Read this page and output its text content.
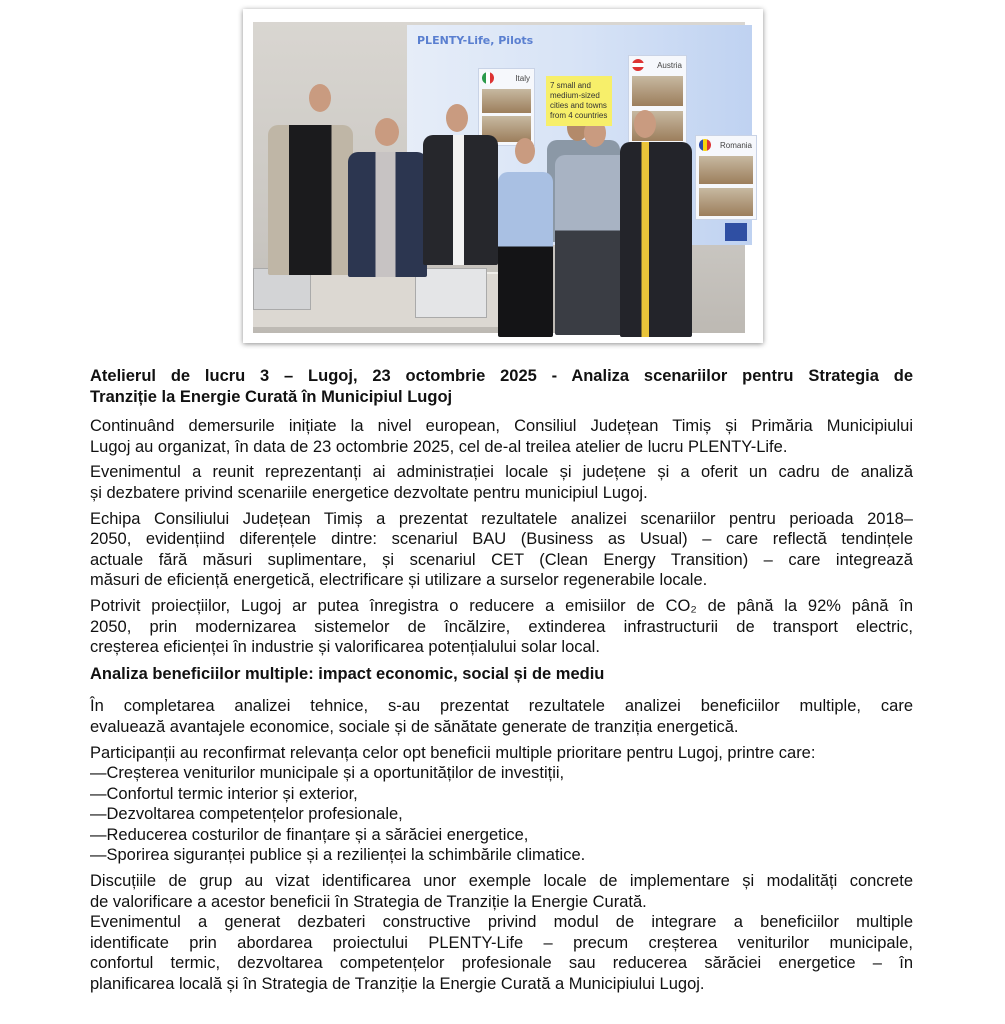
PLENTY-Life, Pilots
Italy
Austria
Romania
7 small and medium-sized cities and towns from 4 countries
Atelierul de lucru 3 – Lugoj, 23 octombrie 2025 - Analiza scenariilor pentru Strategia de
Tranziție la Energie Curată în Municipiul Lugoj
Continuând demersurile inițiate la nivel european, Consiliul Județean Timiș și Primăria Municipiului
Lugoj au organizat, în data de 23 octombrie 2025, cel de-al treilea atelier de lucru PLENTY-Life.
Evenimentul a reunit reprezentanți ai administrației locale și județene și a oferit un cadru de analiză
și dezbatere privind scenariile energetice dezvoltate pentru municipiul Lugoj.
Echipa Consiliului Județean Timiș a prezentat rezultatele analizei scenariilor pentru perioada 2018–
2050, evidențiind diferențele dintre: scenariul BAU (Business as Usual) – care reflectă tendințele
actuale fără măsuri suplimentare, și scenariul CET (Clean Energy Transition) – care integrează
măsuri de eficiență energetică, electrificare și utilizare a surselor regenerabile locale.
Potrivit proiecțiilor, Lugoj ar putea înregistra o reducere a emisiilor de CO₂ de până la 92% până în
2050, prin modernizarea sistemelor de încălzire, extinderea infrastructurii de transport electric,
creșterea eficienței în industrie și valorificarea potențialului solar local.
Analiza beneficiilor multiple: impact economic, social și de mediu
În completarea analizei tehnice, s-au prezentat rezultatele analizei beneficiilor multiple, care
evaluează avantajele economice, sociale și de sănătate generate de tranziția energetică.
Participanții au reconfirmat relevanța celor opt beneficii multiple prioritare pentru Lugoj, printre care:
—Creșterea veniturilor municipale și a oportunităților de investiții,
—Confortul termic interior și exterior,
—Dezvoltarea competențelor profesionale,
—Reducerea costurilor de finanțare și a sărăciei energetice,
—Sporirea siguranței publice și a rezilienței la schimbările climatice.
Discuțiile de grup au vizat identificarea unor exemple locale de implementare și modalități concrete
de valorificare a acestor beneficii în Strategia de Tranziție la Energie Curată.
Evenimentul a generat dezbateri constructive privind modul de integrare a beneficiilor multiple
identificate prin abordarea proiectului PLENTY-Life – precum creșterea veniturilor municipale,
confortul termic, dezvoltarea competențelor profesionale sau reducerea sărăciei energetice – în
planificarea locală și în Strategia de Tranziție la Energie Curată a Municipiului Lugoj.
